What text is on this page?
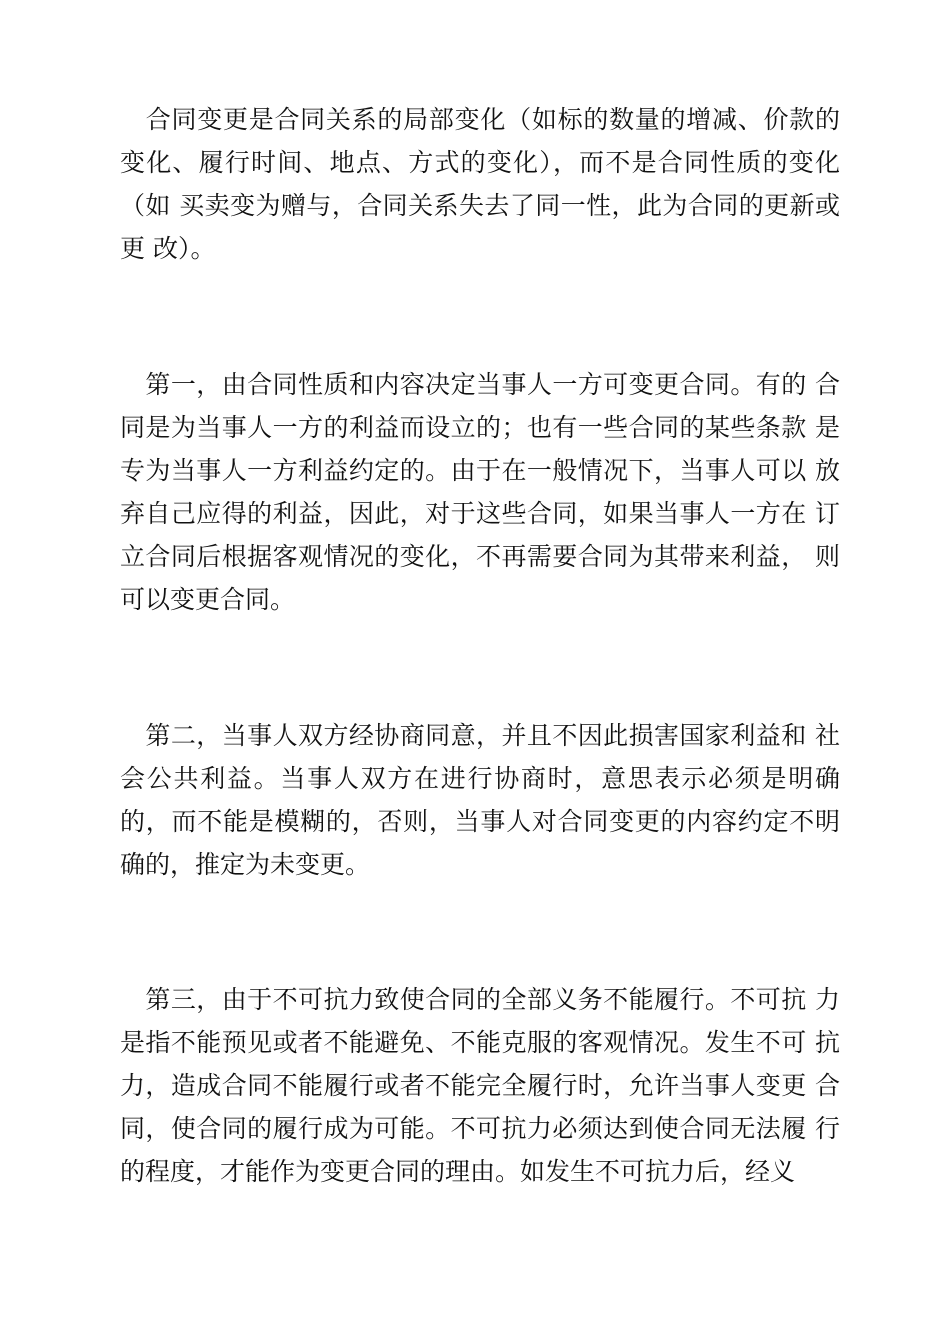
　合同变更是合同关系的局部变化（如标的数量的增减、价款的
变化、履行时间、地点、方式的变化），而不是合同性质的变化
（如 买卖变为赠与，合同关系失去了同一性，此为合同的更新或
更 改）。

　第一，由合同性质和内容决定当事人一方可变更合同。有的 合
同是为当事人一方的利益而设立的；也有一些合同的某些条款 是
专为当事人一方利益约定的。由于在一般情况下，当事人可以 放
弃自己应得的利益，因此，对于这些合同，如果当事人一方在 订
立合同后根据客观情况的变化，不再需要合同为其带来利益， 则
可以变更合同。

　第二，当事人双方经协商同意，并且不因此损害国家利益和 社
会公共利益。当事人双方在进行协商时，意思表示必须是明确
的，而不能是模糊的，否则，当事人对合同变更的内容约定不明
确的，推定为未变更。

　第三，由于不可抗力致使合同的全部义务不能履行。不可抗 力
是指不能预见或者不能避免、不能克服的客观情况。发生不可 抗
力，造成合同不能履行或者不能完全履行时，允许当事人变更 合
同，使合同的履行成为可能。不可抗力必须达到使合同无法履 行
的程度，才能作为变更合同的理由。如发生不可抗力后，经义
